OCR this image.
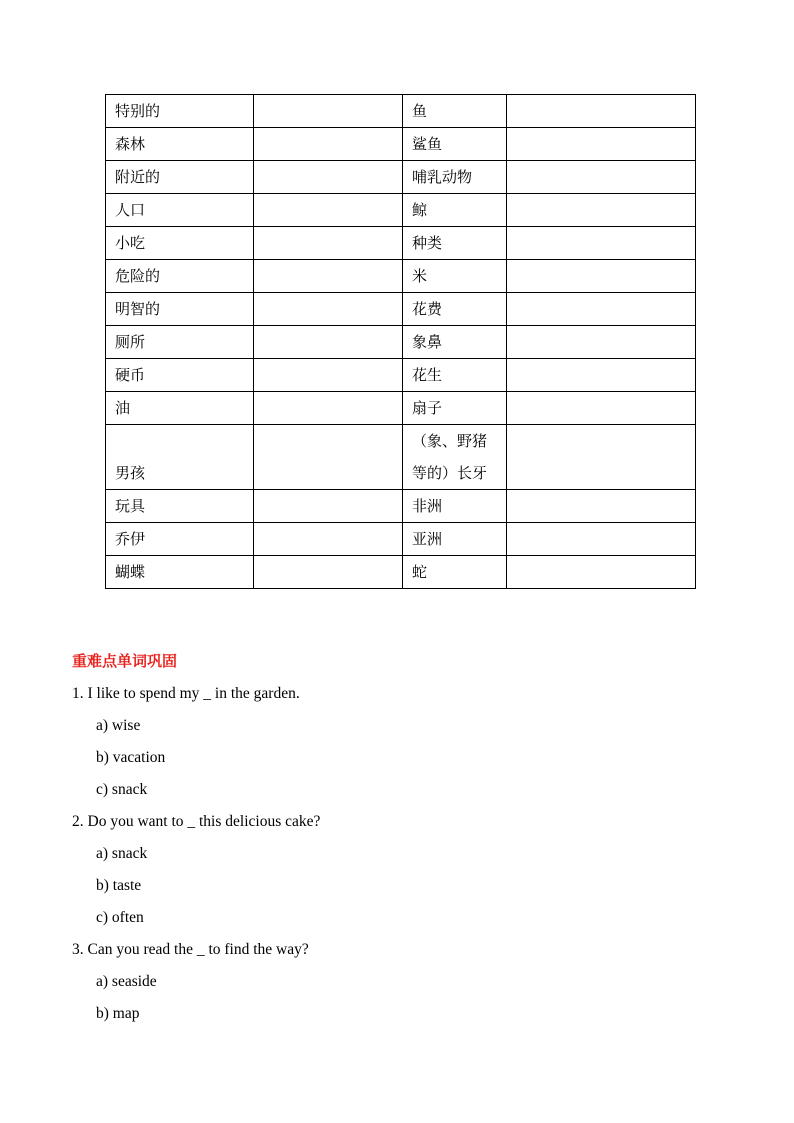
特别的		鱼	
森林		鲨鱼	
附近的		哺乳动物	
人口		鲸	
小吃		种类	
危险的		米	
明智的		花费	
厕所		象鼻	
硬币		花生	
油		扇子	
男孩		（象、野猪等的）长牙	
玩具		非洲	
乔伊		亚洲	
蝴蝶		蛇	
重难点单词巩固
1. I like to spend my _ in the garden.
a) wise
b) vacation
c) snack
2. Do you want to _ this delicious cake?
a) snack
b) taste
c) often
3. Can you read the _ to find the way?
a) seaside
b) map
